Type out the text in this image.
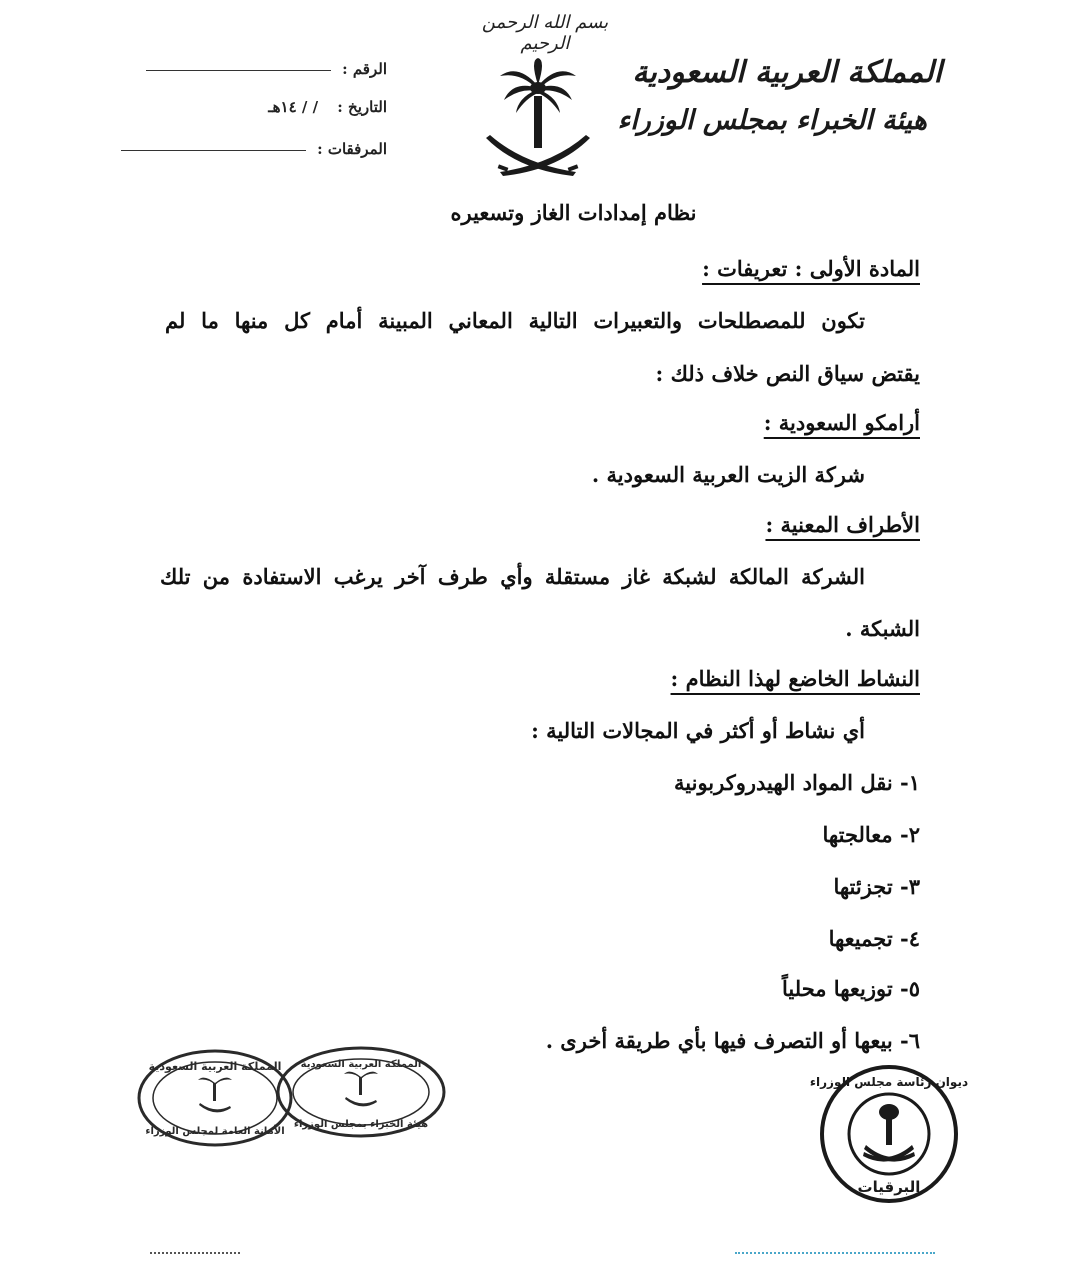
بسم الله الرحمن الرحيم
المملكة العربية السعودية
هيئة الخبراء بمجلس الوزراء
الرقم :
التاريخ : / / ١٤هـ
المرفقات :
نظام إمدادات الغاز وتسعيره
المادة الأولى : تعريفات :
تكون للمصطلحات والتعبيرات التالية المعاني المبينة أمام كل منها ما لم
يقتض سياق النص خلاف ذلك :
أرامكو السعودية :
شركة الزيت العربية السعودية .
الأطراف المعنية :
الشركة المالكة لشبكة غاز مستقلة وأي طرف آخر يرغب الاستفادة من تلك
الشبكة .
النشاط الخاضع لهذا النظام :
أي نشاط أو أكثر في المجالات التالية :
١- نقل المواد الهيدروكربونية
٢- معالجتها
٣- تجزئتها
٤- تجميعها
٥- توزيعها محلياً
٦- بيعها أو التصرف فيها بأي طريقة أخرى .
المملكة العربية السعودية
الأمانة العامة لمجلس الوزراء
المملكة العربية السعودية
هيئة الخبراء بمجلس الوزراء
ديوان رئاسة مجلس الوزراء
البرقيات
